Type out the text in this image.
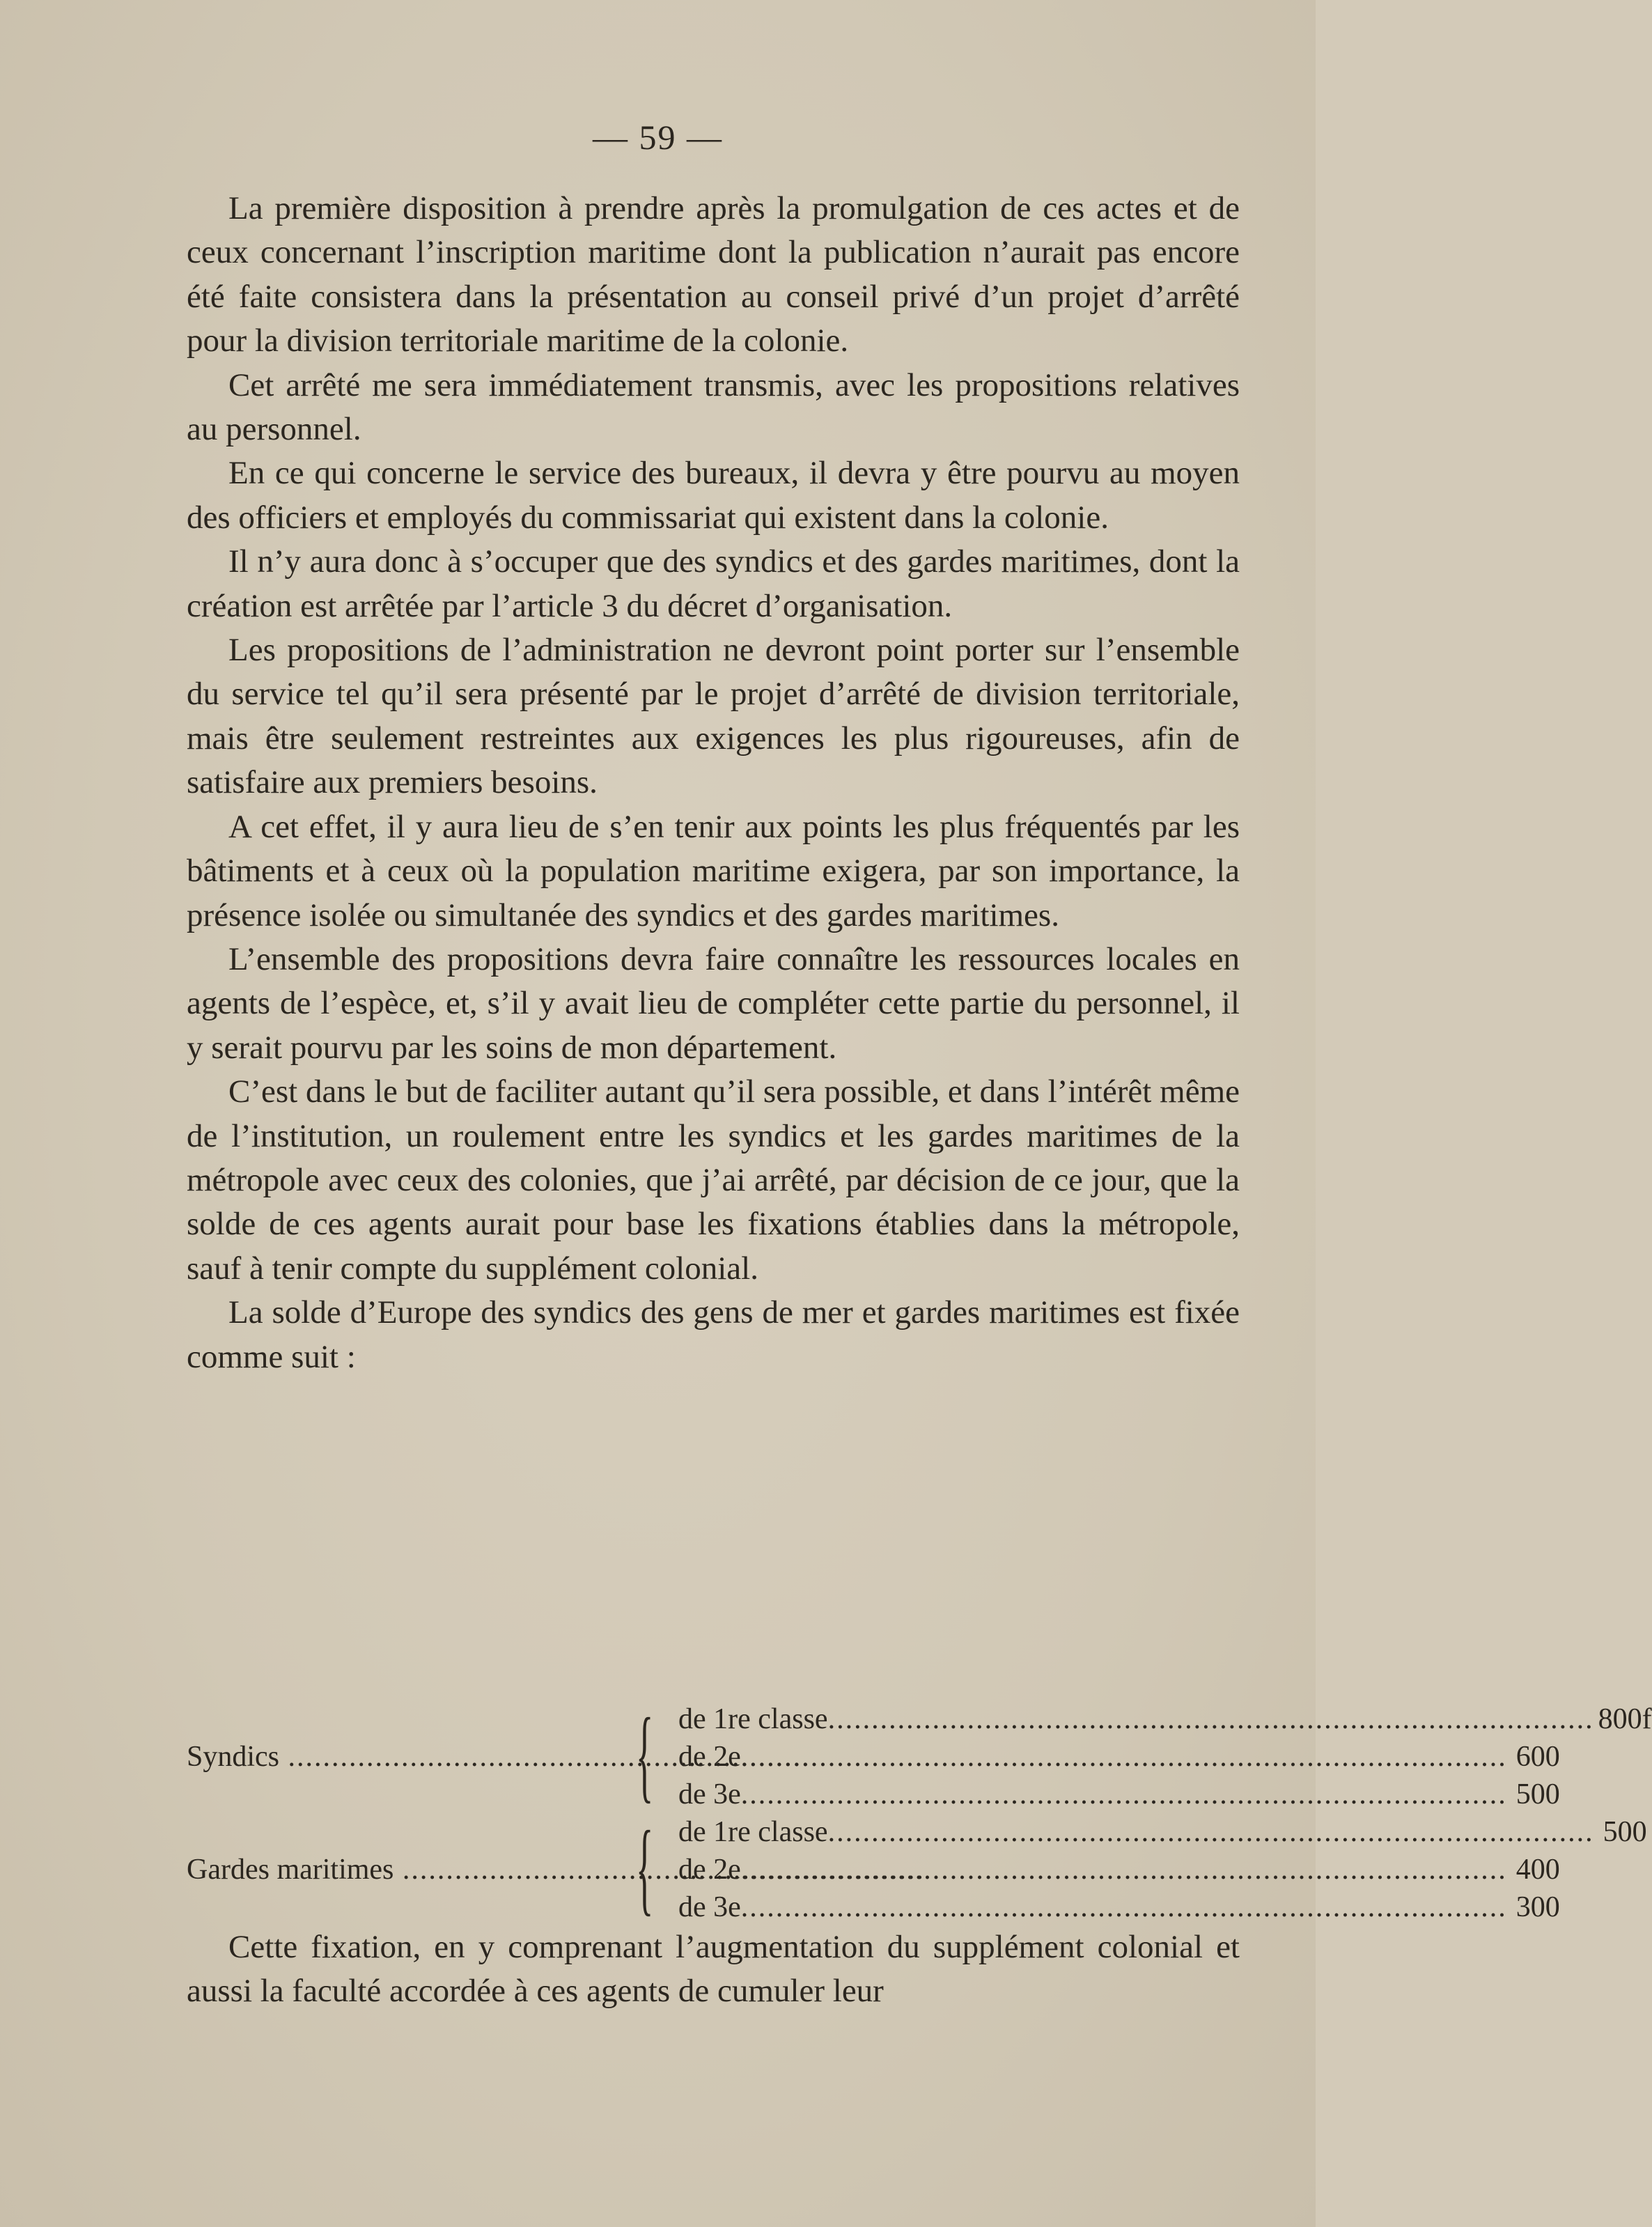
— 59 —

La première disposition à prendre après la promulgation de ces actes et de ceux concernant l’inscription maritime dont la publication n’aurait pas encore été faite consistera dans la présentation au conseil privé d’un projet d’arrêté pour la division territoriale maritime de la colonie.

Cet arrêté me sera immédiatement transmis, avec les propositions relatives au personnel.

En ce qui concerne le service des bureaux, il devra y être pourvu au moyen des officiers et employés du commissariat qui existent dans la colonie.

Il n’y aura donc à s’occuper que des syndics et des gardes maritimes, dont la création est arrêtée par l’article 3 du décret d’organisation.

Les propositions de l’administration ne devront point porter sur l’ensemble du service tel qu’il sera présenté par le projet d’arrêté de division territoriale, mais être seulement restreintes aux exigences les plus rigoureuses, afin de satisfaire aux premiers besoins.

A cet effet, il y aura lieu de s’en tenir aux points les plus fréquentés par les bâtiments et à ceux où la population maritime exigera, par son importance, la présence isolée ou simultanée des syndics et des gardes maritimes.

L’ensemble des propositions devra faire connaître les ressources locales en agents de l’espèce, et, s’il y avait lieu de compléter cette partie du personnel, il y serait pourvu par les soins de mon département.

C’est dans le but de faciliter autant qu’il sera possible, et dans l’intérêt même de l’institution, un roulement entre les syndics et les gardes maritimes de la métropole avec ceux des colonies, que j’ai arrêté, par décision de ce jour, que la solde de ces agents aurait pour base les fixations établies dans la métropole, sauf à tenir compte du supplément colonial.

La solde d’Europe des syndics des gens de mer et gardes maritimes est fixée comme suit :

Syndics .....	{ de 1re classe .....	800f
de 2e .....	600
de 3e .....	500
Gardes maritimes .....	{ de 1re classe .....	500
de 2e .....	400
de 3e .....	300

Cette fixation, en y comprenant l’augmentation du supplément colonial et aussi la faculté accordée à ces agents de cumuler leur
